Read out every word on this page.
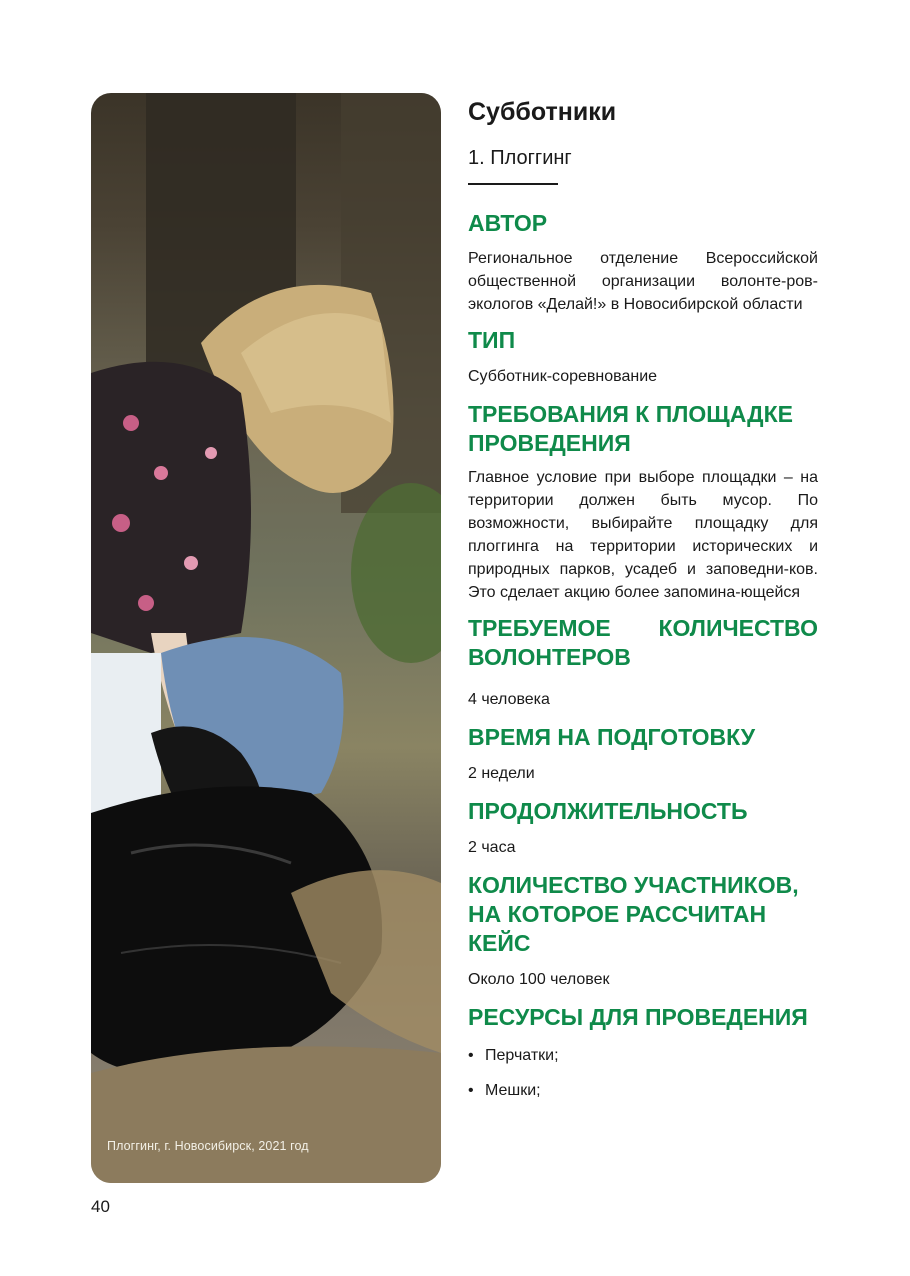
Плоггинг, г. Новосибирск, 2021 год
Субботники
1. Плоггинг
АВТОР

Региональное отделение Всероссийской общественной организации волонте-ров-экологов «Делай!» в Новосибирской области

ТИП

Субботник-соревнование

ТРЕБОВАНИЯ К ПЛОЩАДКЕ ПРОВЕДЕНИЯ

Главное условие при выборе площадки – на территории должен быть мусор. По возможности, выбирайте площадку для плоггинга на территории исторических и природных парков, усадеб и заповедни-ков. Это сделает акцию более запомина-ющейся

ТРЕБУЕМОЕ КОЛИЧЕСТВО ВОЛОНТЕРОВ

4 человека

ВРЕМЯ НА ПОДГОТОВКУ

2 недели

ПРОДОЛЖИТЕЛЬНОСТЬ

2 часа

КОЛИЧЕСТВО УЧАСТНИКОВ, НА КОТОРОЕ РАССЧИТАН КЕЙС

Около 100 человек

РЕСУРСЫ ДЛЯ ПРОВЕДЕНИЯ
• Перчатки;
• Мешки;
40
